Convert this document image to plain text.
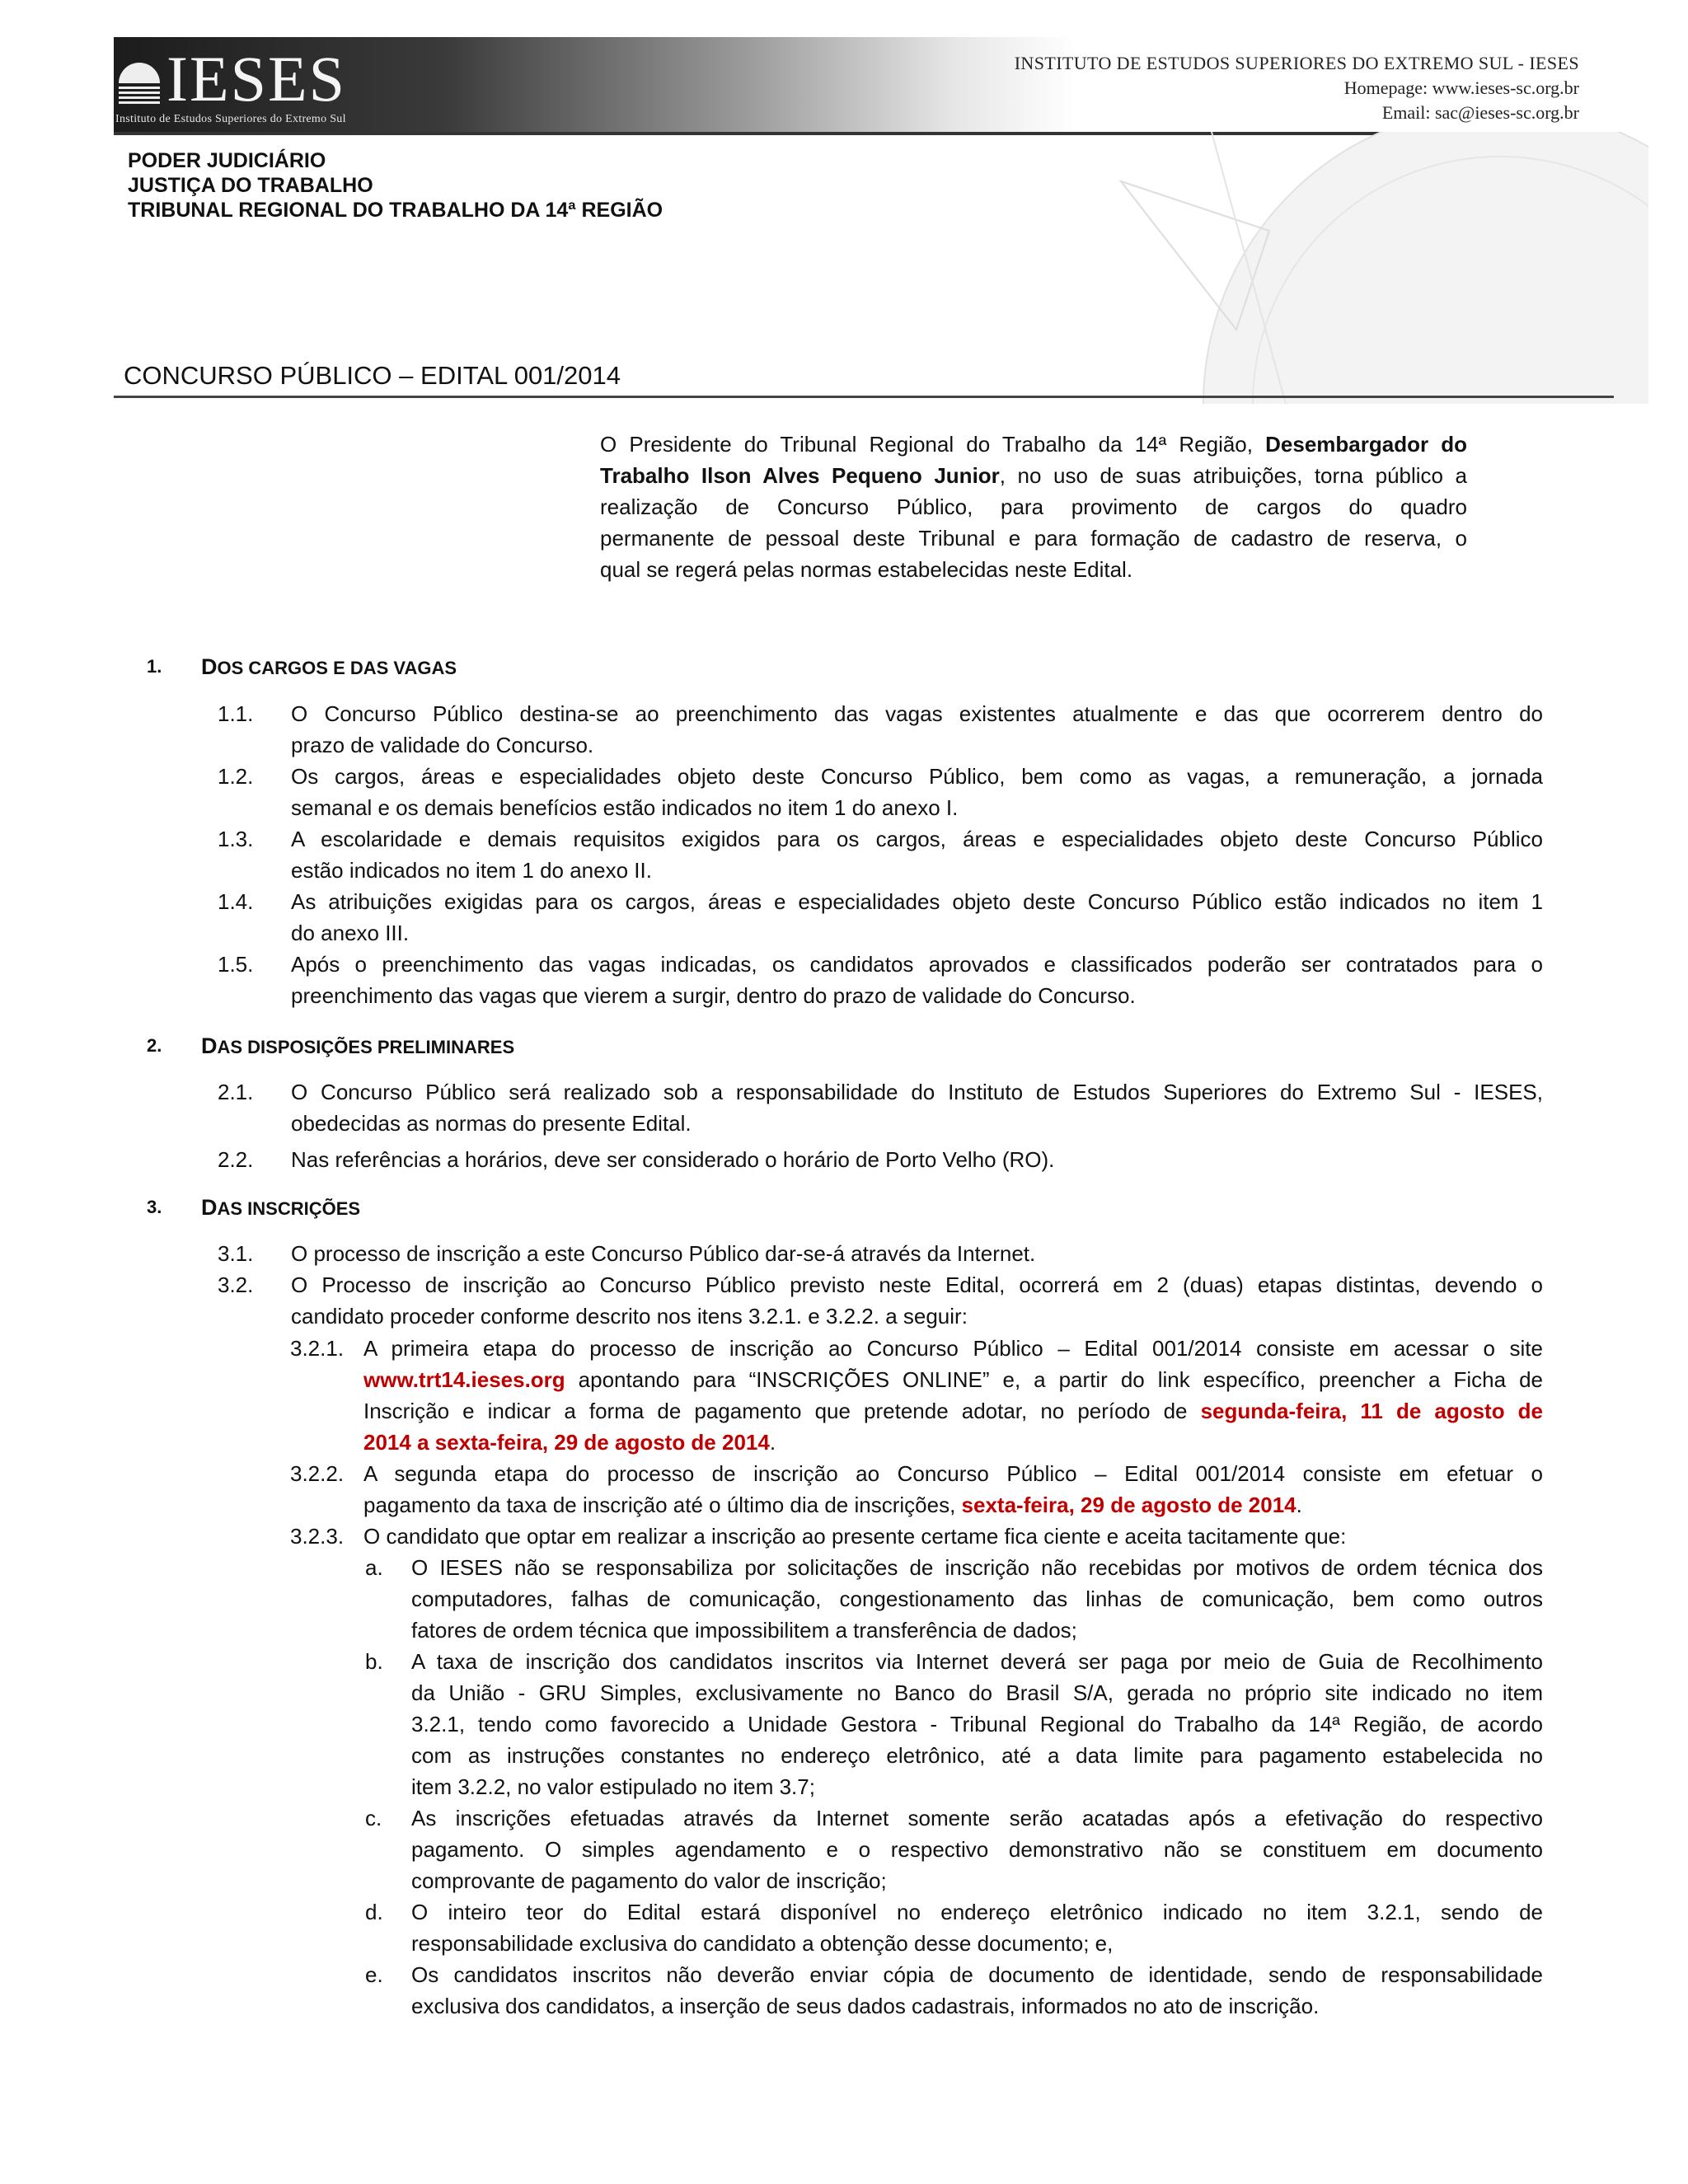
IESES
Instituto de Estudos Superiores do Extremo Sul
INSTITUTO DE ESTUDOS SUPERIORES DO EXTREMO SUL - IESES
Homepage: www.ieses-sc.org.br
Email: sac@ieses-sc.org.br
PODER JUDICIÁRIO
JUSTIÇA DO TRABALHO
TRIBUNAL REGIONAL DO TRABALHO DA 14ª REGIÃO
CONCURSO PÚBLICO – EDITAL 001/2014
O Presidente do Tribunal Regional do Trabalho da 14ª Região, Desembargador do
Trabalho Ilson Alves Pequeno Junior, no uso de suas atribuições, torna público a
realização de Concurso Público, para provimento de cargos do quadro
permanente de pessoal deste Tribunal e para formação de cadastro de reserva, o
qual se regerá pelas normas estabelecidas neste Edital.
1. DOS CARGOS E DAS VAGAS
1.1. O Concurso Público destina-se ao preenchimento das vagas existentes atualmente e das que ocorrerem dentro do
prazo de validade do Concurso.
1.2. Os cargos, áreas e especialidades objeto deste Concurso Público, bem como as vagas, a remuneração, a jornada
semanal e os demais benefícios estão indicados no item 1 do anexo I.
1.3. A escolaridade e demais requisitos exigidos para os cargos, áreas e especialidades objeto deste Concurso Público
estão indicados no item 1 do anexo II.
1.4. As atribuições exigidas para os cargos, áreas e especialidades objeto deste Concurso Público estão indicados no item 1
do anexo III.
1.5. Após o preenchimento das vagas indicadas, os candidatos aprovados e classificados poderão ser contratados para o
preenchimento das vagas que vierem a surgir, dentro do prazo de validade do Concurso.
2. DAS DISPOSIÇÕES PRELIMINARES
2.1. O Concurso Público será realizado sob a responsabilidade do Instituto de Estudos Superiores do Extremo Sul - IESES,
obedecidas as normas do presente Edital.
2.2. Nas referências a horários, deve ser considerado o horário de Porto Velho (RO).
3. DAS INSCRIÇÕES
3.1. O processo de inscrição a este Concurso Público dar-se-á através da Internet.
3.2. O Processo de inscrição ao Concurso Público previsto neste Edital, ocorrerá em 2 (duas) etapas distintas, devendo o
candidato proceder conforme descrito nos itens 3.2.1. e 3.2.2. a seguir:
3.2.1. A primeira etapa do processo de inscrição ao Concurso Público – Edital 001/2014 consiste em acessar o site
www.trt14.ieses.org apontando para “INSCRIÇÕES ONLINE” e, a partir do link específico, preencher a Ficha de
Inscrição e indicar a forma de pagamento que pretende adotar, no período de segunda-feira, 11 de agosto de
2014 a sexta-feira, 29 de agosto de 2014.
3.2.2. A segunda etapa do processo de inscrição ao Concurso Público – Edital 001/2014 consiste em efetuar o
pagamento da taxa de inscrição até o último dia de inscrições, sexta-feira, 29 de agosto de 2014.
3.2.3. O candidato que optar em realizar a inscrição ao presente certame fica ciente e aceita tacitamente que:
a. O IESES não se responsabiliza por solicitações de inscrição não recebidas por motivos de ordem técnica dos
computadores, falhas de comunicação, congestionamento das linhas de comunicação, bem como outros
fatores de ordem técnica que impossibilitem a transferência de dados;
b. A taxa de inscrição dos candidatos inscritos via Internet deverá ser paga por meio de Guia de Recolhimento
da União - GRU Simples, exclusivamente no Banco do Brasil S/A, gerada no próprio site indicado no item
3.2.1, tendo como favorecido a Unidade Gestora - Tribunal Regional do Trabalho da 14ª Região, de acordo
com as instruções constantes no endereço eletrônico, até a data limite para pagamento estabelecida no
item 3.2.2, no valor estipulado no item 3.7;
c. As inscrições efetuadas através da Internet somente serão acatadas após a efetivação do respectivo
pagamento. O simples agendamento e o respectivo demonstrativo não se constituem em documento
comprovante de pagamento do valor de inscrição;
d. O inteiro teor do Edital estará disponível no endereço eletrônico indicado no item 3.2.1, sendo de
responsabilidade exclusiva do candidato a obtenção desse documento; e,
e. Os candidatos inscritos não deverão enviar cópia de documento de identidade, sendo de responsabilidade
exclusiva dos candidatos, a inserção de seus dados cadastrais, informados no ato de inscrição.
